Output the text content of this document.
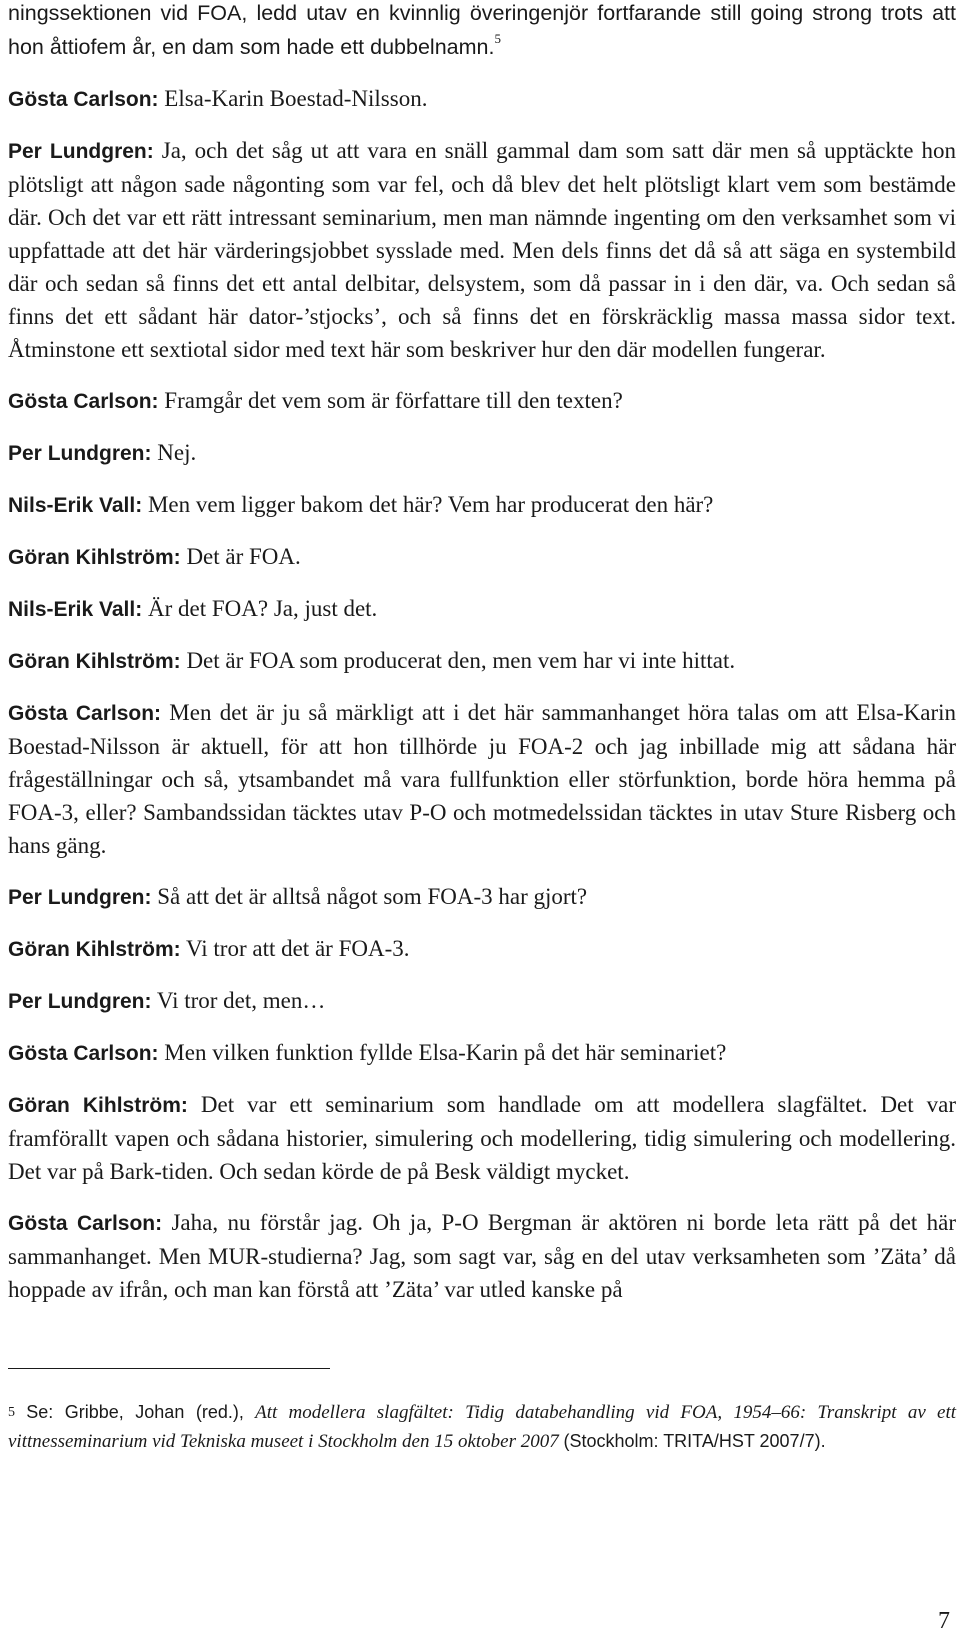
ningssektionen vid FOA, ledd utav en kvinnlig överingenjör fortfarande still going strong trots att hon åttiofem år, en dam som hade ett dubbelnamn.$^5$

Gösta Carlson: Elsa-Karin Boestad-Nilsson.

Per Lundgren: Ja, och det såg ut att vara en snäll gammal dam som satt där men så upptäckte hon plötsligt att någon sade någonting som var fel, och då blev det helt plötsligt klart vem som bestämde där. Och det var ett rätt intressant seminarium, men man nämnde ingenting om den verksamhet som vi uppfattade att det här värderingsjobbet sysslade med. Men dels finns det då så att säga en systembild där och sedan så finns det ett antal delbitar, delsystem, som då passar in i den där, va. Och sedan så finns det ett sådant här dator-’stjocks’, och så finns det en förskräcklig massa massa sidor text. Åtminstone ett sextiotal sidor med text här som beskriver hur den där modellen fungerar.

Gösta Carlson: Framgår det vem som är författare till den texten?

Per Lundgren: Nej.

Nils-Erik Vall: Men vem ligger bakom det här? Vem har producerat den här?

Göran Kihlström: Det är FOA.

Nils-Erik Vall: Är det FOA? Ja, just det.

Göran Kihlström: Det är FOA som producerat den, men vem har vi inte hittat.

Gösta Carlson: Men det är ju så märkligt att i det här sammanhanget höra talas om att Elsa-Karin Boestad-Nilsson är aktuell, för att hon tillhörde ju FOA-2 och jag inbillade mig att sådana här frågeställningar och så, ytsambandet må vara fullfunktion eller störfunktion, borde höra hemma på FOA-3, eller? Sambandssidan täcktes utav P-O och motmedelssidan täcktes in utav Sture Risberg och hans gäng.

Per Lundgren: Så att det är alltså något som FOA-3 har gjort?

Göran Kihlström: Vi tror att det är FOA-3.

Per Lundgren: Vi tror det, men…

Gösta Carlson: Men vilken funktion fyllde Elsa-Karin på det här seminariet?

Göran Kihlström: Det var ett seminarium som handlade om att modellera slagfältet. Det var framförallt vapen och sådana historier, simulering och modellering, tidig simulering och modellering. Det var på Bark-tiden. Och sedan körde de på Besk väldigt mycket.

Gösta Carlson: Jaha, nu förstår jag. Oh ja, P-O Bergman är aktören ni borde leta rätt på det här sammanhanget. Men MUR-studierna? Jag, som sagt var, såg en del utav verksamheten som ’Zäta’ då hoppade av ifrån, och man kan förstå att ’Zäta’ var utled kanske på

5 Se: Gribbe, Johan (red.), Att modellera slagfältet: Tidig databehandling vid FOA, 1954–66: Transkript av ett vittnesseminarium vid Tekniska museet i Stockholm den 15 oktober 2007 (Stockholm: TRITA/HST 2007/7).
7
